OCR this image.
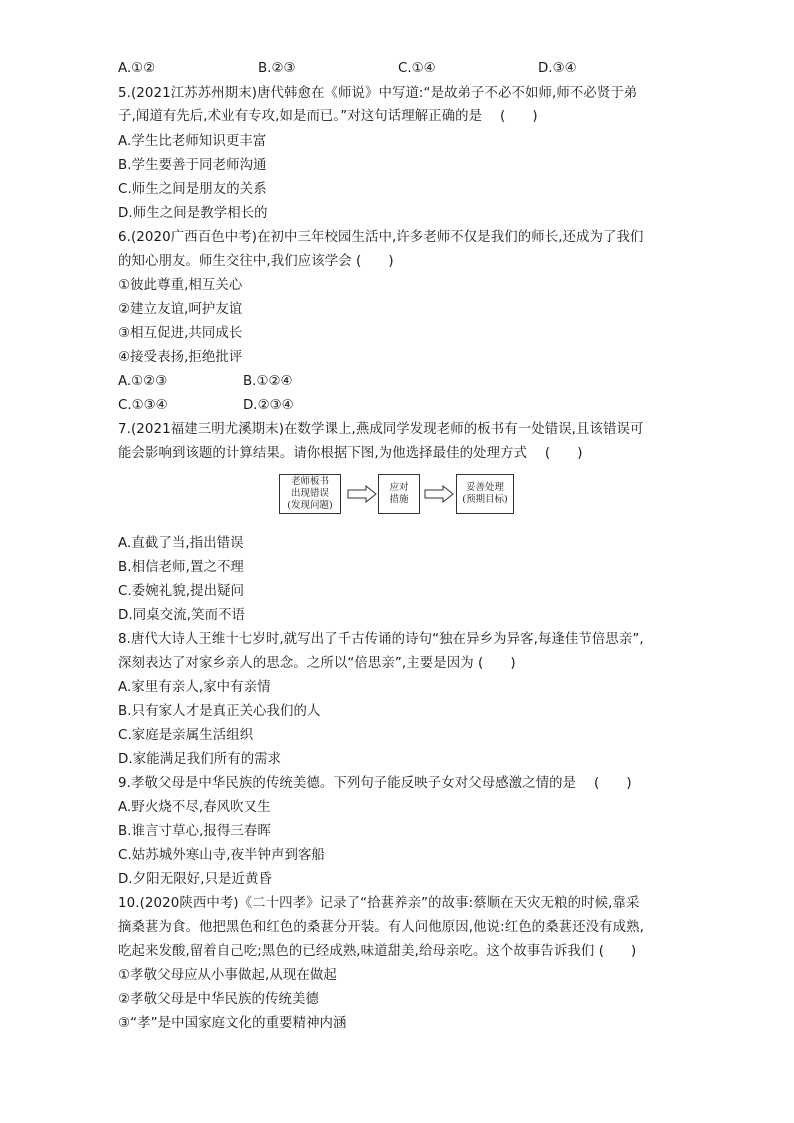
A.①②	B.②③	C.①④	D.③④
5.(2021江苏苏州期末)唐代韩愈在《师说》中写道:“是故弟子不必不如师,师不必贤于弟
子,闻道有先后,术业有专攻,如是而已。”对这句话理解正确的是　 (　　)
A.学生比老师知识更丰富
B.学生要善于同老师沟通
C.师生之间是朋友的关系
D.师生之间是教学相长的
6.(2020广西百色中考)在初中三年校园生活中,许多老师不仅是我们的师长,还成为了我们
的知心朋友。师生交往中,我们应该学会 (　　)
①彼此尊重,相互关心
②建立友谊,呵护友谊
③相互促进,共同成长
④接受表扬,拒绝批评
A.①②③	B.①②④
C.①③④	D.②③④
7.(2021福建三明尤溪期末)在数学课上,燕成同学发现老师的板书有一处错误,且该错误可
能会影响到该题的计算结果。请你根据下图,为他选择最佳的处理方式　 (　　)
老师板书
出现错误
(发现问题)
应对
措施
妥善处理
(预期目标)
A.直截了当,指出错误
B.相信老师,置之不理
C.委婉礼貌,提出疑问
D.同桌交流,笑而不语
8.唐代大诗人王维十七岁时,就写出了千古传诵的诗句“独在异乡为异客,每逢佳节倍思亲”,
深刻表达了对家乡亲人的思念。之所以“倍思亲”,主要是因为 (　　)
A.家里有亲人,家中有亲情
B.只有家人才是真正关心我们的人
C.家庭是亲属生活组织
D.家能满足我们所有的需求
9.孝敬父母是中华民族的传统美德。下列句子能反映子女对父母感激之情的是　 (　　)
A.野火烧不尽,春风吹又生
B.谁言寸草心,报得三春晖
C.姑苏城外寒山寺,夜半钟声到客船
D.夕阳无限好,只是近黄昏
10.(2020陕西中考)《二十四孝》记录了“拾葚养亲”的故事:蔡顺在天灾无粮的时候,靠采
摘桑葚为食。他把黑色和红色的桑葚分开装。有人问他原因,他说:红色的桑葚还没有成熟,
吃起来发酸,留着自己吃;黑色的已经成熟,味道甜美,给母亲吃。这个故事告诉我们 (　　)
①孝敬父母应从小事做起,从现在做起
②孝敬父母是中华民族的传统美德
③“孝”是中国家庭文化的重要精神内涵
